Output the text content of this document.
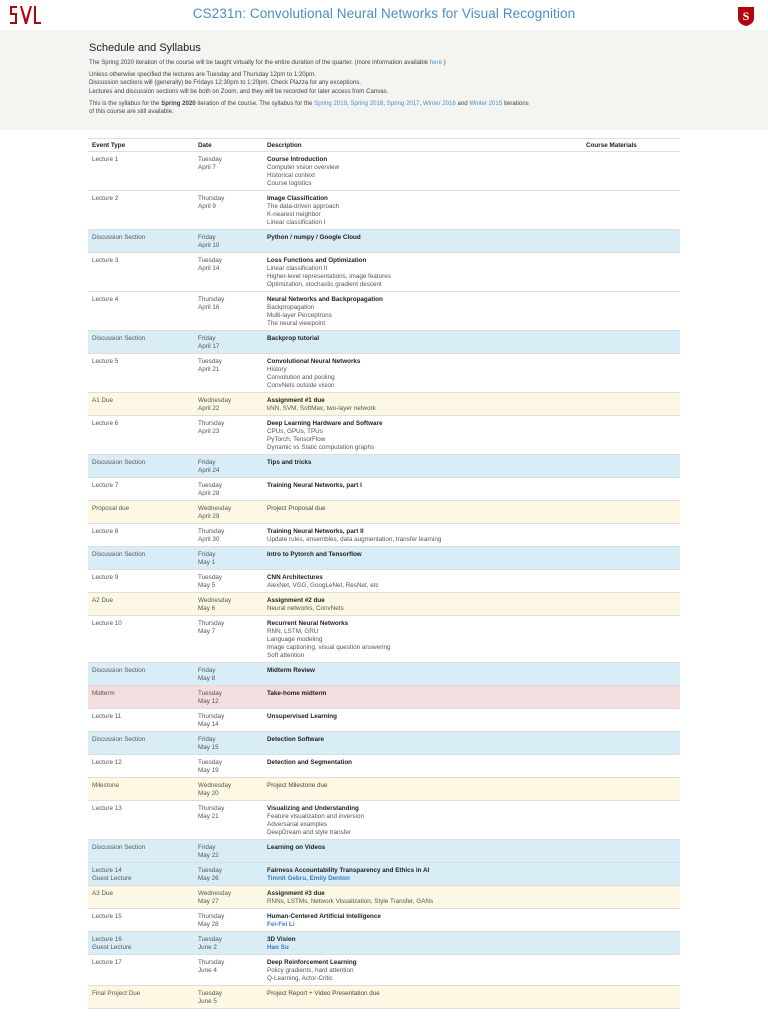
CS231n: Convolutional Neural Networks for Visual Recognition	S
Schedule and Syllabus

The Spring 2020 iteration of the course will be taught virtually for the entire duration of the quarter. (more information available here )

Unless otherwise specified the lectures are Tuesday and Thursday 12pm to 1:20pm.

Discussion sections will (generally) be Fridays 12:30pm to 1:20pm. Check Piazza for any exceptions.

Lectures and discussion sections will be both on Zoom, and they will be recorded for later access from Canvas.

This is the syllabus for the Spring 2020 iteration of the course. The syllabus for the Spring 2019, Spring 2018, Spring 2017, Winter 2016 and Winter 2015 iterations
of this course are still available.

Event Type	Date	Description	Course Materials

Lecture 1	Tuesday
April 7	Course Introduction
Computer vision overview
Historical context
Course logistics	

Lecture 2	Thursday
April 9	Image Classification
The data-driven approach
K-nearest neighbor
Linear classification I	

Discussion Section	Friday
April 10	Python / numpy / Google Cloud	

Lecture 3	Tuesday
April 14	Loss Functions and Optimization
Linear classification II
Higher-level representations, image features
Optimization, stochastic gradient descent	

Lecture 4	Thursday
April 16	Neural Networks and Backpropagation
Backpropagation
Multi-layer Perceptrons
The neural viewpoint	

Discussion Section	Friday
April 17	Backprop tutorial	

Lecture 5	Tuesday
April 21	Convolutional Neural Networks
History
Convolution and pooling
ConvNets outside vision	

A1 Due	Wednesday
April 22	Assignment #1 due
kNN, SVM, SoftMax, two-layer network	

Lecture 6	Thursday
April 23	Deep Learning Hardware and Software
CPUs, GPUs, TPUs
PyTorch, TensorFlow
Dynamic vs Static computation graphs	

Discussion Section	Friday
April 24	Tips and tricks	

Lecture 7	Tuesday
April 28	Training Neural Networks, part I	

Proposal due	Wednesday
April 29	Project Proposal due	

Lecture 8	Thursday
April 30	Training Neural Networks, part II
Update rules, ensembles, data augmentation, transfer learning	

Discussion Section	Friday
May 1	Intro to Pytorch and Tensorflow	

Lecture 9	Tuesday
May 5	CNN Architectures
AlexNet, VGG, GoogLeNet, ResNet, etc	

A2 Due	Wednesday
May 6	Assignment #2 due
Neural networks, ConvNets	

Lecture 10	Thursday
May 7	Recurrent Neural Networks
RNN, LSTM, GRU
Language modeling
Image captioning, visual question answering
Soft attention	

Discussion Section	Friday
May 8	Midterm Review	

Midterm	Tuesday
May 12	Take-home midterm	

Lecture 11	Thursday
May 14	Unsupervised Learning	

Discussion Section	Friday
May 15	Detection Software	

Lecture 12	Tuesday
May 19	Detection and Segmentation	

Milestone	Wednesday
May 20	Project Milestone due	

Lecture 13	Thursday
May 21	Visualizing and Understanding
Feature visualization and inversion
Adversarial examples
DeepDream and style transfer	

Discussion Section	Friday
May 22	Learning on Videos	

Lecture 14
Guest Lecture	Tuesday
May 26	Fairness Accountability Transparency and Ethics in AI
Timnit Gebru, Emily Denton	

A3 Due	Wednesday
May 27	Assignment #3 due
RNNs, LSTMs, Network Visualization, Style Transfer, GANs	

Lecture 15	Thursday
May 28	Human-Centered Artificial Intelligence
Fei-Fei Li	

Lecture 16
Guest Lecture	Tuesday
June 2	3D Vision
Hao Su	

Lecture 17	Thursday
June 4	Deep Reinforcement Learning
Policy gradients, hard attention
Q-Learning, Actor-Critic	

Final Project Due	Tuesday
June 5	Project Report + Video Presentation due	
